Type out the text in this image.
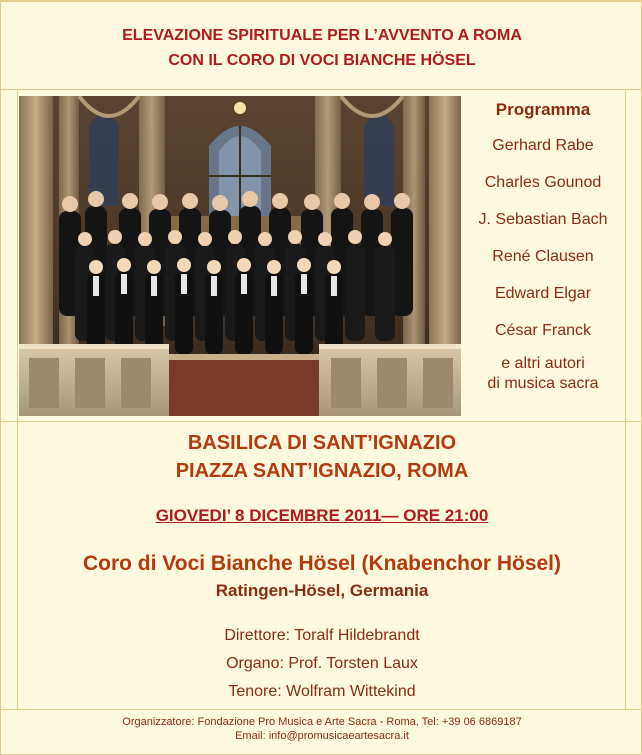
ELEVAZIONE SPIRITUALE PER L’AVVENTO A ROMA
CON IL CORO DI VOCI BIANCHE HÖSEL
Programma
Gerhard Rabe
Charles Gounod
J. Sebastian Bach
René Clausen
Edward Elgar
César Franck
e altri autori
di musica sacra
BASILICA DI SANT’IGNAZIO
PIAZZA SANT’IGNAZIO, ROMA
GIOVEDI’ 8 DICEMBRE 2011— ORE 21:00
Coro di Voci Bianche Hösel (Knabenchor Hösel)
Ratingen-Hösel, Germania
Direttore: Toralf Hildebrandt
Organo: Prof. Torsten Laux
Tenore: Wolfram Wittekind
Organizzatore: Fondazione Pro Musica e Arte Sacra - Roma, Tel: +39 06 6869187
Email: info@promusicaeartesacra.it
